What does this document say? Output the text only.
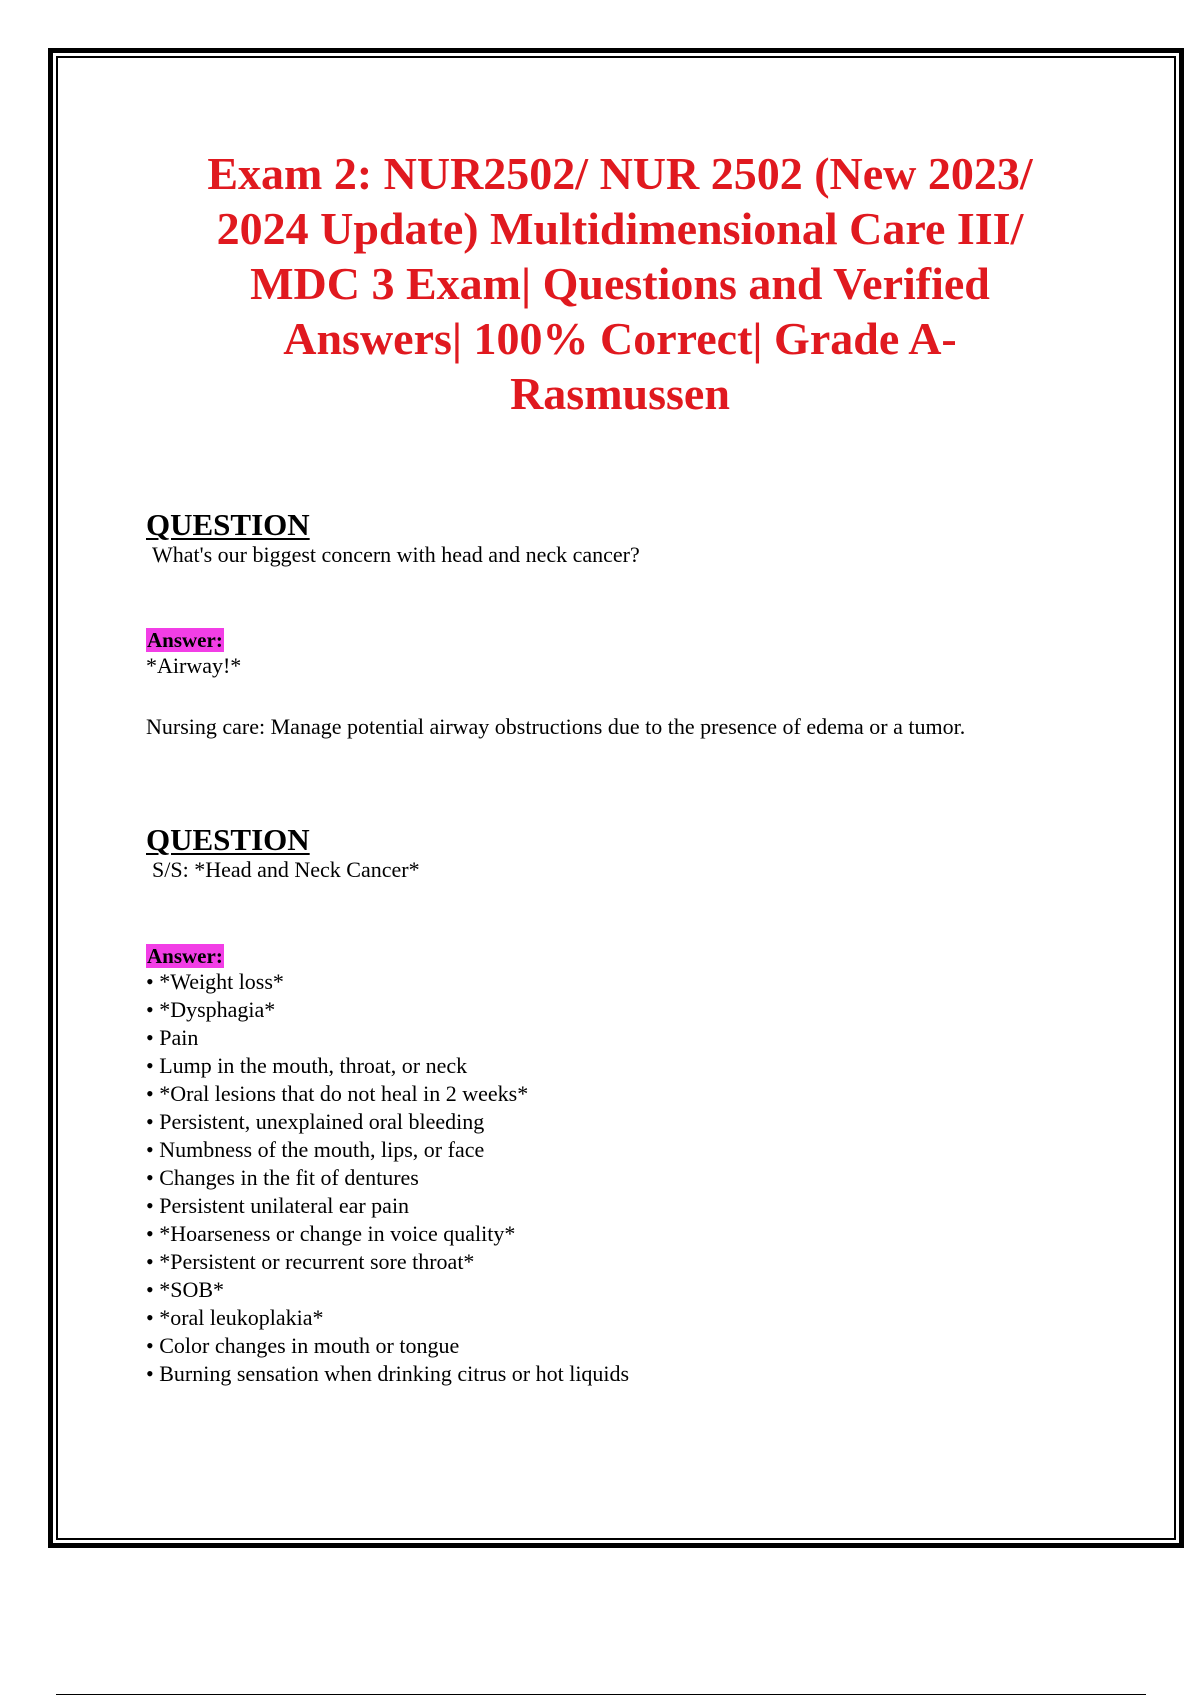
Exam 2: NUR2502/ NUR 2502 (New 2023/
2024 Update) Multidimensional Care III/
MDC 3 Exam| Questions and Verified
Answers| 100% Correct| Grade A-
Rasmussen
QUESTION
What's our biggest concern with head and neck cancer?
Answer:
*Airway!*
Nursing care: Manage potential airway obstructions due to the presence of edema or a tumor.
QUESTION
S/S: *Head and Neck Cancer*
Answer:
• *Weight loss*
• *Dysphagia*
• Pain
• Lump in the mouth, throat, or neck
• *Oral lesions that do not heal in 2 weeks*
• Persistent, unexplained oral bleeding
• Numbness of the mouth, lips, or face
• Changes in the fit of dentures
• Persistent unilateral ear pain
• *Hoarseness or change in voice quality*
• *Persistent or recurrent sore throat*
• *SOB*
• *oral leukoplakia*
• Color changes in mouth or tongue
• Burning sensation when drinking citrus or hot liquids
